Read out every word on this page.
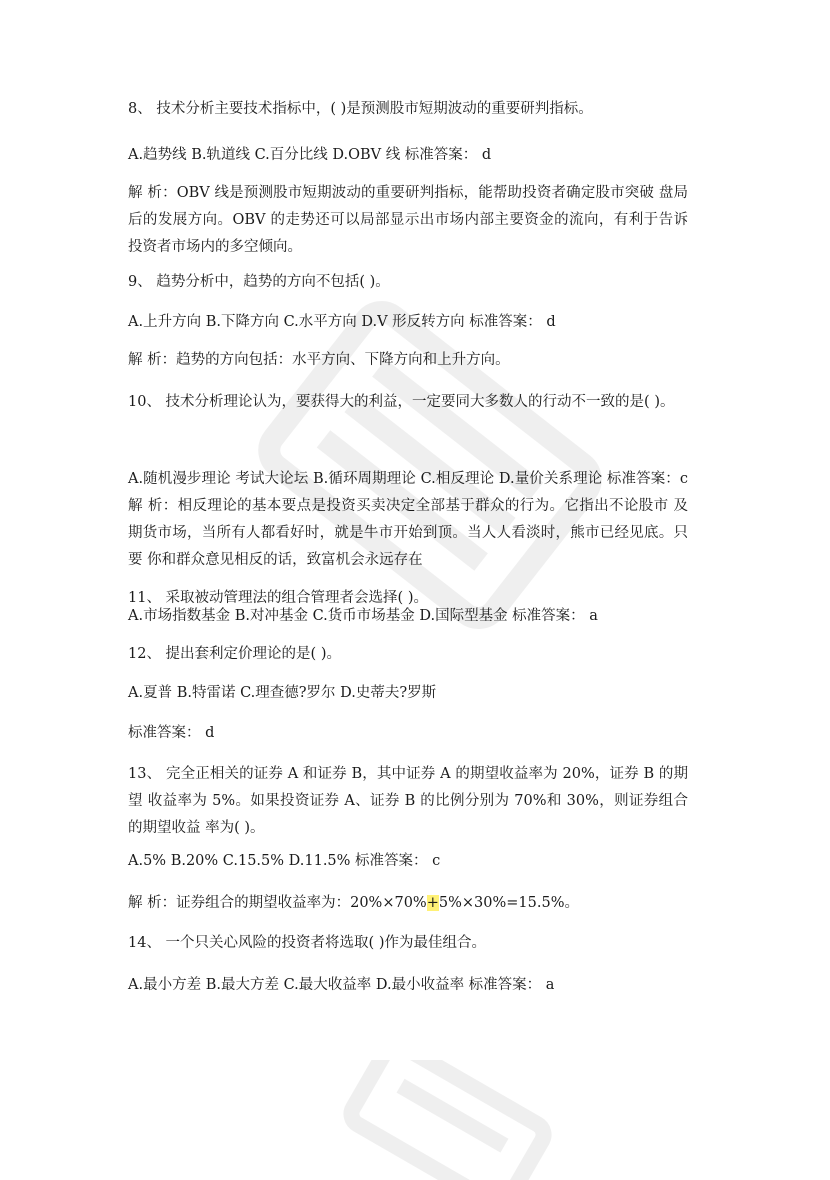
8、 技术分析主要技术指标中，( )是预测股市短期波动的重要研判指标。
A.趋势线 B.轨道线 C.百分比线 D.OBV 线 标准答案： d
解 析：OBV 线是预测股市短期波动的重要研判指标，能帮助投资者确定股市突破 盘局后的发展方向。OBV 的走势还可以局部显示出市场内部主要资金的流向，有利于告诉 投资者市场内的多空倾向。
9、 趋势分析中，趋势的方向不包括( )。
A.上升方向 B.下降方向 C.水平方向 D.V 形反转方向 标准答案： d
解 析：趋势的方向包括：水平方向、下降方向和上升方向。
10、 技术分析理论认为，要获得大的利益，一定要同大多数人的行动不一致的是( )。
A.随机漫步理论 考试大论坛 B.循环周期理论 C.相反理论 D.量价关系理论 标准答案：c 解 析：相反理论的基本要点是投资买卖决定全部基于群众的行为。它指出不论股市 及期货市场，当所有人都看好时，就是牛市开始到顶。当人人看淡时，熊市已经见底。只要 你和群众意见相反的话，致富机会永远存在
11、 采取被动管理法的组合管理者会选择( )。
A.市场指数基金 B.对冲基金 C.货币市场基金 D.国际型基金 标准答案： a
12、 提出套利定价理论的是( )。
A.夏普 B.特雷诺 C.理查德?罗尔 D.史蒂夫?罗斯
标准答案： d
13、 完全正相关的证券 A 和证券 B，其中证券 A 的期望收益率为 20%，证券 B 的期望 收益率为 5%。如果投资证券 A、证券 B 的比例分别为 70%和 30%，则证券组合的期望收益 率为( )。
A.5% B.20% C.15.5% D.11.5% 标准答案： c
解 析：证券组合的期望收益率为：20%×70%+5%×30%=15.5%。
14、 一个只关心风险的投资者将选取( )作为最佳组合。
A.最小方差 B.最大方差 C.最大收益率 D.最小收益率 标准答案： a
